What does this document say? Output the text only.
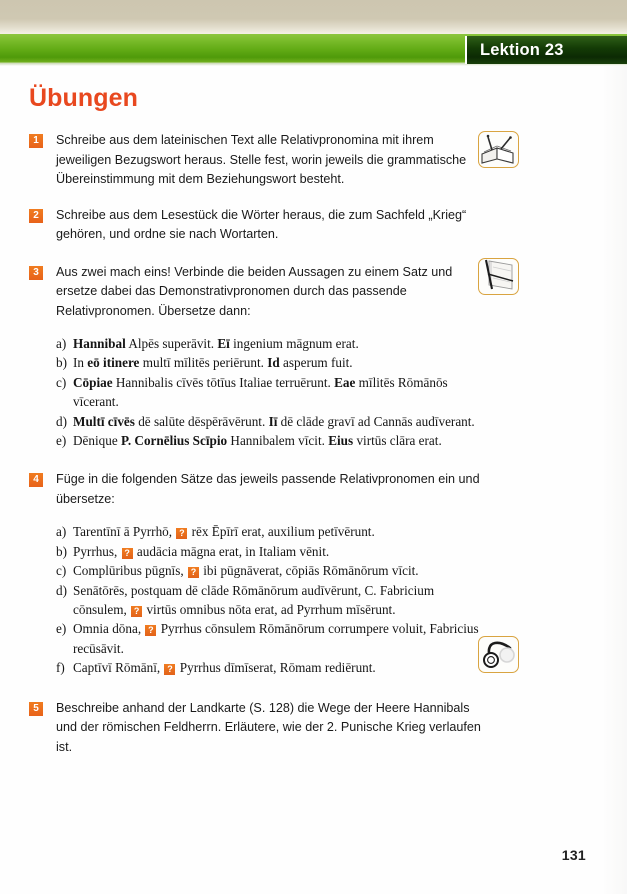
Lektion 23
Übungen
1	Schreibe aus dem lateinischen Text alle Relativpronomina mit ihrem jeweiligen Bezugswort heraus. Stelle fest, worin jeweils die grammatische Übereinstimmung mit dem Beziehungswort besteht.
2	Schreibe aus dem Lesestück die Wörter heraus, die zum Sachfeld „Krieg“ gehören, und ordne sie nach Wortarten.
3	Aus zwei mach eins! Verbinde die beiden Aussagen zu einem Satz und ersetze dabei das Demonstrativpronomen durch das passende Relativpronomen. Übersetze dann:
a) Hannibal Alpēs superāvit. Eī ingenium māgnum erat.
b) In eō itinere multī mīlitēs periērunt. Id asperum fuit.
c) Cōpiae Hannibalis cīvēs tōtīus Italiae terruērunt. Eae mīlitēs Rōmānōs vīcerant.
d) Multī cīvēs dē salūte dēspērāvērunt. Iī dē clāde gravī ad Cannās audīverant.
e) Dēnique P. Cornēlius Scīpio Hannibalem vīcit. Eius virtūs clāra erat.
4	Füge in die folgenden Sätze das jeweils passende Relativpronomen ein und übersetze:
a) Tarentīnī ā Pyrrhō, ? rēx Ēpīrī erat, auxilium petīvērunt.
b) Pyrrhus, ? audācia māgna erat, in Italiam vēnit.
c) Complūribus pūgnīs, ? ibi pūgnāverat, cōpiās Rōmānōrum vīcit.
d) Senātōrēs, postquam dē clāde Rōmānōrum audīvērunt, C. Fabricium cōnsulem, ? virtūs omnibus nōta erat, ad Pyrrhum mīsērunt.
e) Omnia dōna, ? Pyrrhus cōnsulem Rōmānōrum corrumpere voluit, Fabricius recūsāvit.
f) Captīvī Rōmānī, ? Pyrrhus dīmīserat, Rōmam rediērunt.
5	Beschreibe anhand der Landkarte (S. 128) die Wege der Heere Hannibals und der römischen Feldherrn. Erläutere, wie der 2. Punische Krieg verlaufen ist.
131
